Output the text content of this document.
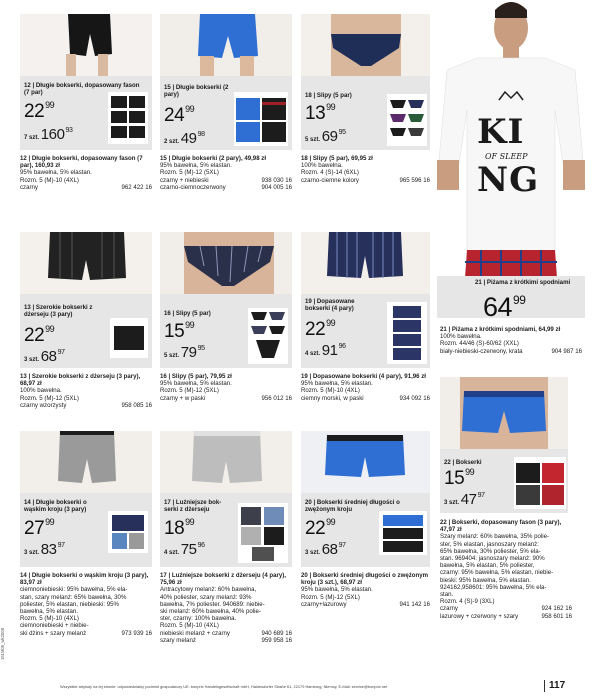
12 | Długie bokserki, dopasowany fason (7 par)
$22^{99}$
7 szt. $160^{93}$
15 | Długie bokserki (2 pary)
$24^{99}$
2 szt. $49^{98}$
18 | Slipy (5 par)
$13^{99}$
5 szt. $69^{95}$
12 | Długie bokserki, dopasowany fason (7 par), 160,93 zł
95% bawełna, 5% elastan.
Rozm. 5 (M)-10 (4XL)
czarny	962 422 16
15 | Długie bokserki (2 pary), 49,98 zł
95% bawełna, 5% elastan.
Rozm. 5 (M)-12 (5XL)
czarny + niebieski	938 030 16
czarno-ciemnoczerwony	904 005 16
18 | Slipy (5 par), 69,95 zł
100% bawełna.
Rozm. 4 (S)-14 (6XL)
czarno-ciemne kolory	965 596 16
13 | Szerokie bokserki z dżerseju (3 pary)
$22^{99}$
3 szt. $68^{97}$
16 | Slipy (5 par)
$15^{99}$
5 szt. $79^{95}$
19 | Dopasowane bokserki (4 pary)
$22^{99}$
4 szt. $91^{96}$
13 | Szerokie bokserki z dżerseju (3 pary), 68,97 zł
100% bawełna.
Rozm. 5 (M)-12 (5XL)
czarny wzorzysty	958 085 16
16 | Slipy (5 par), 79,95 zł
95% bawełna, 5% elastan.
Rozm. 5 (M)-12 (5XL)
czarny + w paski	956 012 16
19 | Dopasowane bokserki (4 pary), 91,96 zł
95% bawełna, 5% elastan.
Rozm. 5 (M)-10 (4XL)
ciemny morski, w paski	934 092 16
14 | Długie bokserki o wąskim kroju (3 pary)
$27^{99}$
3 szt. $83^{97}$
17 | Luźniejsze bok-serki z dżerseju
$18^{99}$
4 szt. $75^{96}$
20 | Bokserki średniej długości o zwężonym kroju
$22^{99}$
3 szt. $68^{97}$
14 | Długie bokserki o wąskim kroju (3 pary), 83,97 zł
ciemnoniebieski: 95% bawełna, 5% ela-
stan, szary melanż: 65% bawełna, 30%
poliester, 5% elastan, niebieski: 95%
bawełna, 5% elastan.
Rozm. 5 (M)-10 (4XL)
ciemnoniebieski + niebie-
ski dżins + szary melanż	973 939 16
17 | Luźniejsze bokserki z dżerseju (4 pary), 75,96 zł
Antracytowy melanż: 60% bawełna,
40% poliester, szary melanż: 93%
bawełna, 7% poliester. 940689: niebie-
ski melanż: 60% bawełna, 40% polie-
ster, czarny: 100% bawełna.
Rozm. 5 (M)-10 (4XL)
niebieski melanż + czarny	940 689 16
szary melanż	959 958 16
20 | Bokserki średniej długości o zwężonym kroju (3 szt.), 68,97 zł
95% bawełna, 5% elastan.
Rozm. 5 (M)-12 (5XL)
czarny+lazurowy	941 142 16
KI
OF SLEEP
NG
21 | Piżama z krótkimi spodniami
$64^{99}$
21 | Piżama z krótkimi spodniami, 64,99 zł
100% bawełna.
Rozm. 44/46 (S)-60/62 (XXL)
biały-niebieski-czerwony, krata	904 987 16
22 | Bokserki
$15^{99}$
3 szt. $47^{97}$
22 | Bokserki, dopasowany fason (3 pary), 47,97 zł
Szary melanż: 60% bawełna, 35% polie-
ster, 5% elastan, jasnoszary melanż:
65% bawełna, 30% poliester, 5% ela-
stan. 969404: jasnoszary melanż: 90%
bawełna, 5% elastan, 5% poliester,
czarny: 95% bawełna, 5% elastan, niebie-
bieski: 95% bawełna, 5% elastan.
924162,958601: 95% bawełna, 5% ela-
stan.
Rozm. 4 (S)-9 (3XL)
czarny	924 162 16
lazurowy + czerwony + szary	958 601 16
Wszystkie artykuły na tej stronie: odpowiedzialny podmiot gospodarczy UE: bonprix Handelsgesellschaft mbH, Haldesdorfer Straße 61, 22179 Hamburg, Niemcy, E-Mail: service@bonprix.net	117
151M05_wk2008
